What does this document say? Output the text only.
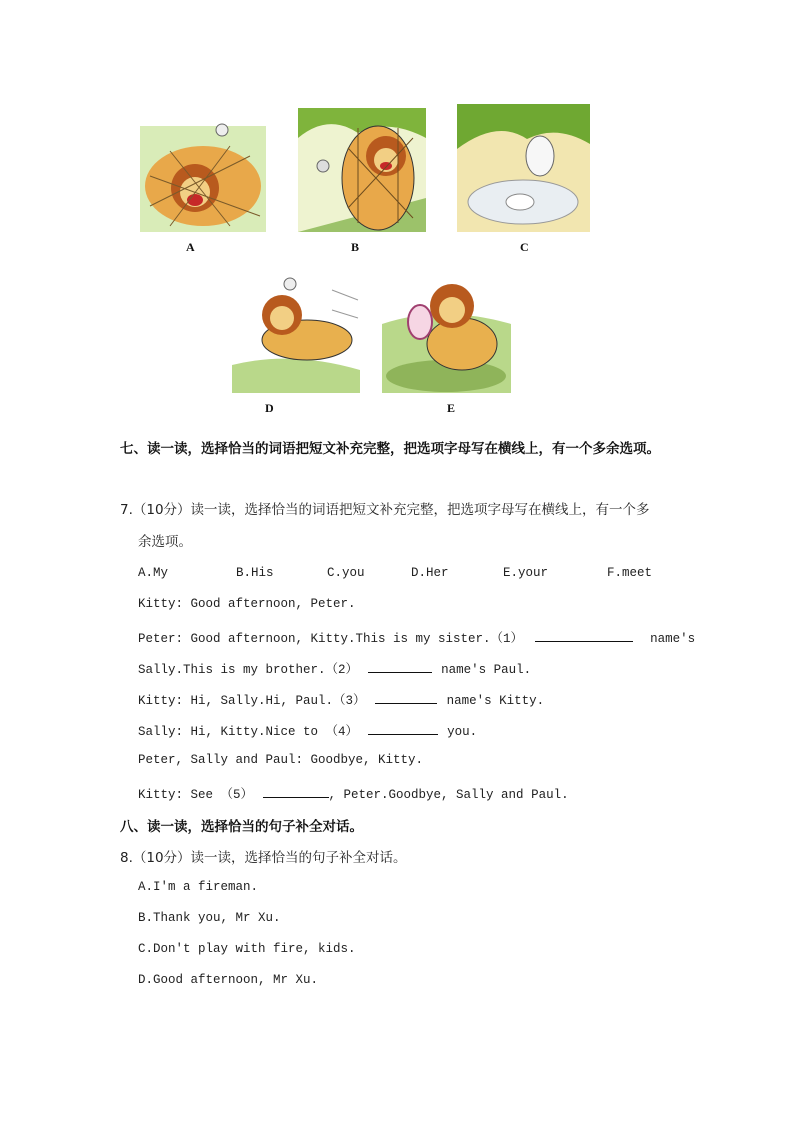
A	B	C
D	E
七、读一读，选择恰当的词语把短文补充完整，把选项字母写在横线上，有一个多余选项。
7.（10分）读一读，选择恰当的词语把短文补充完整，把选项字母写在横线上，有一个多
余选项。
A.My	B.His	C.you	D.Her	E.your	F.meet
Kitty: Good afternoon, Peter.
Peter: Good afternoon, Kitty.This is my sister.（1）	name's
Sally.This is my brother.（2）	name's Paul.
Kitty: Hi, Sally.Hi, Paul.（3）	name's Kitty.
Sally: Hi, Kitty.Nice to （4）	you.
Peter, Sally and Paul: Goodbye, Kitty.
Kitty: See （5）	, Peter.Goodbye, Sally and Paul.
八、读一读，选择恰当的句子补全对话。
8.（10分）读一读，选择恰当的句子补全对话。
A.I'm a fireman.
B.Thank you, Mr Xu.
C.Don't play with fire, kids.
D.Good afternoon, Mr Xu.
